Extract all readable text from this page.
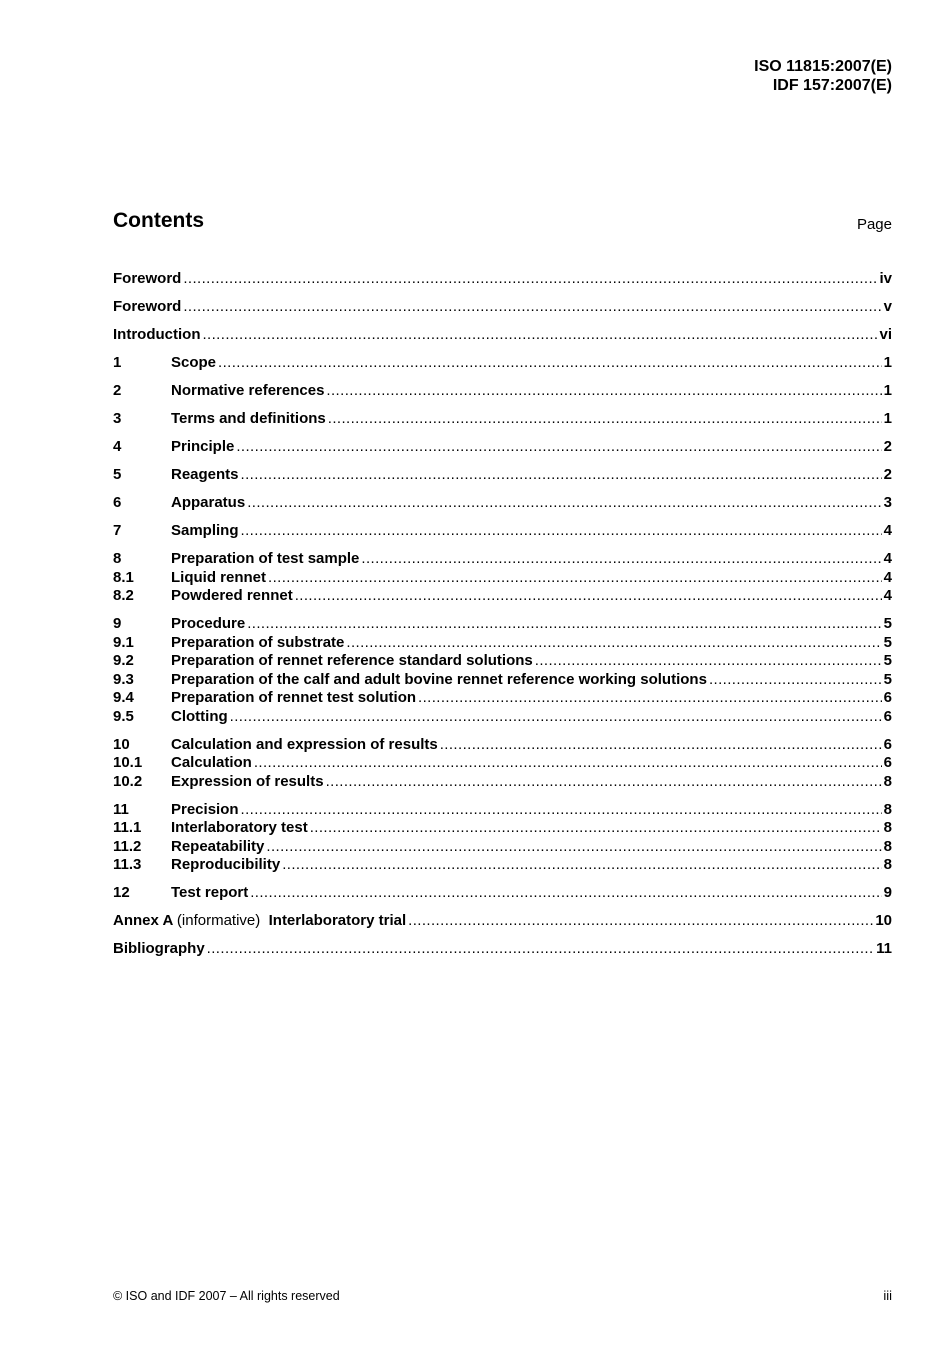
ISO 11815:2007(E)
IDF 157:2007(E)
Contents	Page
Foreword .....	iv
Foreword .....	v
Introduction .....	vi
1	Scope .....	1
2	Normative references .....	1
3	Terms and definitions .....	1
4	Principle .....	2
5	Reagents .....	2
6	Apparatus .....	3
7	Sampling .....	4
8	Preparation of test sample .....	4
8.1	Liquid rennet .....	4
8.2	Powdered rennet .....	4
9	Procedure .....	5
9.1	Preparation of substrate .....	5
9.2	Preparation of rennet reference standard solutions .....	5
9.3	Preparation of the calf and adult bovine rennet reference working solutions .....	5
9.4	Preparation of rennet test solution .....	6
9.5	Clotting .....	6
10	Calculation and expression of results .....	6
10.1	Calculation .....	6
10.2	Expression of results .....	8
11	Precision .....	8
11.1	Interlaboratory test .....	8
11.2	Repeatability .....	8
11.3	Reproducibility .....	8
12	Test report .....	9
Annex A (informative) Interlaboratory trial .....	10
Bibliography .....	11
© ISO and IDF 2007 – All rights reserved	iii
